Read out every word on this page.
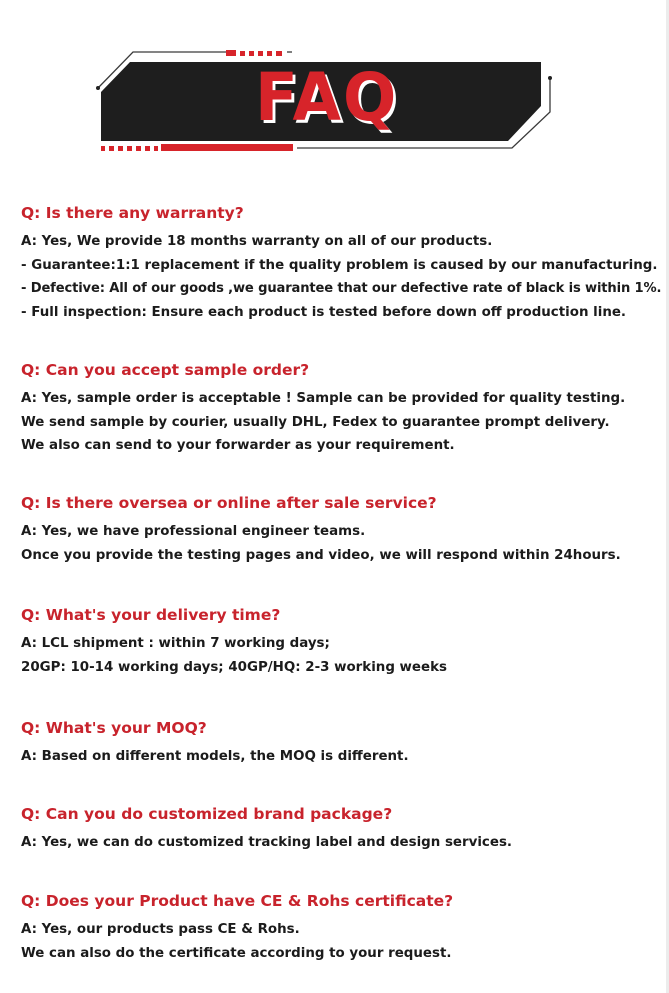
FAQ

Q: Is there any warranty?

A: Yes, We provide 18 months warranty on all of our products.

- Guarantee:1:1 replacement if the quality problem is caused by our manufacturing.

- Defective: All of our goods ,we guarantee that our defective rate of black is within 1%.

- Full inspection: Ensure each product is tested before down off production line.

Q: Can you accept sample order?

A: Yes, sample order is acceptable ! Sample can be provided for quality testing.

We send sample by courier, usually DHL, Fedex to guarantee prompt delivery.

We also can send to your forwarder as your requirement.

Q: Is there oversea or online after sale service?

A: Yes, we have professional engineer teams.

Once you provide the testing pages and video, we will respond within 24hours.

Q: What's your delivery time?

A: LCL shipment : within 7 working days;

20GP: 10-14 working days; 40GP/HQ: 2-3 working weeks

Q: What's your MOQ?

A: Based on different models, the MOQ is different.

Q: Can you do customized brand package?

A: Yes, we can do customized tracking label and design services.

Q: Does your Product have CE & Rohs certificate?

A: Yes, our products pass CE & Rohs.

We can also do the certificate according to your request.
